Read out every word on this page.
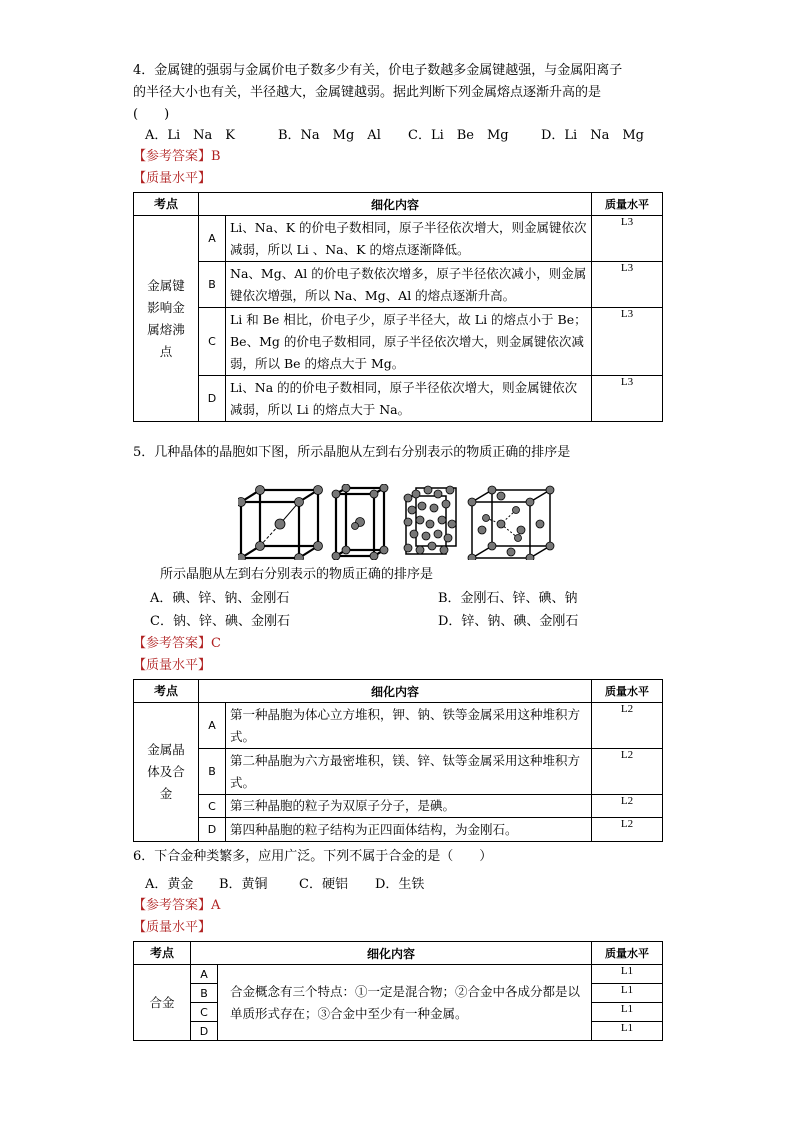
4．金属键的强弱与金属价电子数多少有关，价电子数越多金属键越强，与金属阳离子
的半径大小也有关，半径越大，金属键越弱。据此判断下列金属熔点逐渐升高的是
(　　)
A．Li　Na　K	B．Na　Mg　Al C．Li　Be　Mg D．Li　Na　Mg
【参考答案】B
【质量水平】
考点	细化内容		质量水平
金属键影响金属熔沸点	A	Li、Na、K 的价电子数相同，原子半径依次增大，则金属键依次减弱，所以 Li 、Na、K 的熔点逐渐降低。	L3
	B	Na、Mg、Al 的价电子数依次增多，原子半径依次减小，则金属键依次增强，所以 Na、Mg、Al 的熔点逐渐升高。	L3
	C	Li 和 Be 相比，价电子少，原子半径大，故 Li 的熔点小于 Be；Be、Mg 的价电子数相同，原子半径依次增大，则金属键依次减弱，所以 Be 的熔点大于 Mg。	L3
	D	Li、Na 的的价电子数相同，原子半径依次增大，则金属键依次减弱，所以 Li 的熔点大于 Na。	L3
5．几种晶体的晶胞如下图，所示晶胞从左到右分别表示的物质正确的排序是
所示晶胞从左到右分别表示的物质正确的排序是
A．碘、锌、钠、金刚石	B．金刚石、锌、碘、钠
C．钠、锌、碘、金刚石	D．锌、钠、碘、金刚石
【参考答案】C
【质量水平】
考点	细化内容		质量水平
金属晶体及合金	A	第一种晶胞为体心立方堆积，钾、钠、铁等金属采用这种堆积方式。	L2
	B	第二种晶胞为六方最密堆积，镁、锌、钛等金属采用这种堆积方式。	L2
	C	第三种晶胞的粒子为双原子分子，是碘。	L2
	D	第四种晶胞的粒子结构为正四面体结构，为金刚石。	L2
6．下合金种类繁多，应用广泛。下列不属于合金的是（　　）
A．黄金 B．黄铜 C．硬铝 D．生铁
【参考答案】A
【质量水平】
考点	细化内容		质量水平
合金	A	合金概念有三个特点：①一定是混合物；②合金中各成分都是以单质形式存在；③合金中至少有一种金属。	L1
	B		L1
	C		L1
	D		L1
